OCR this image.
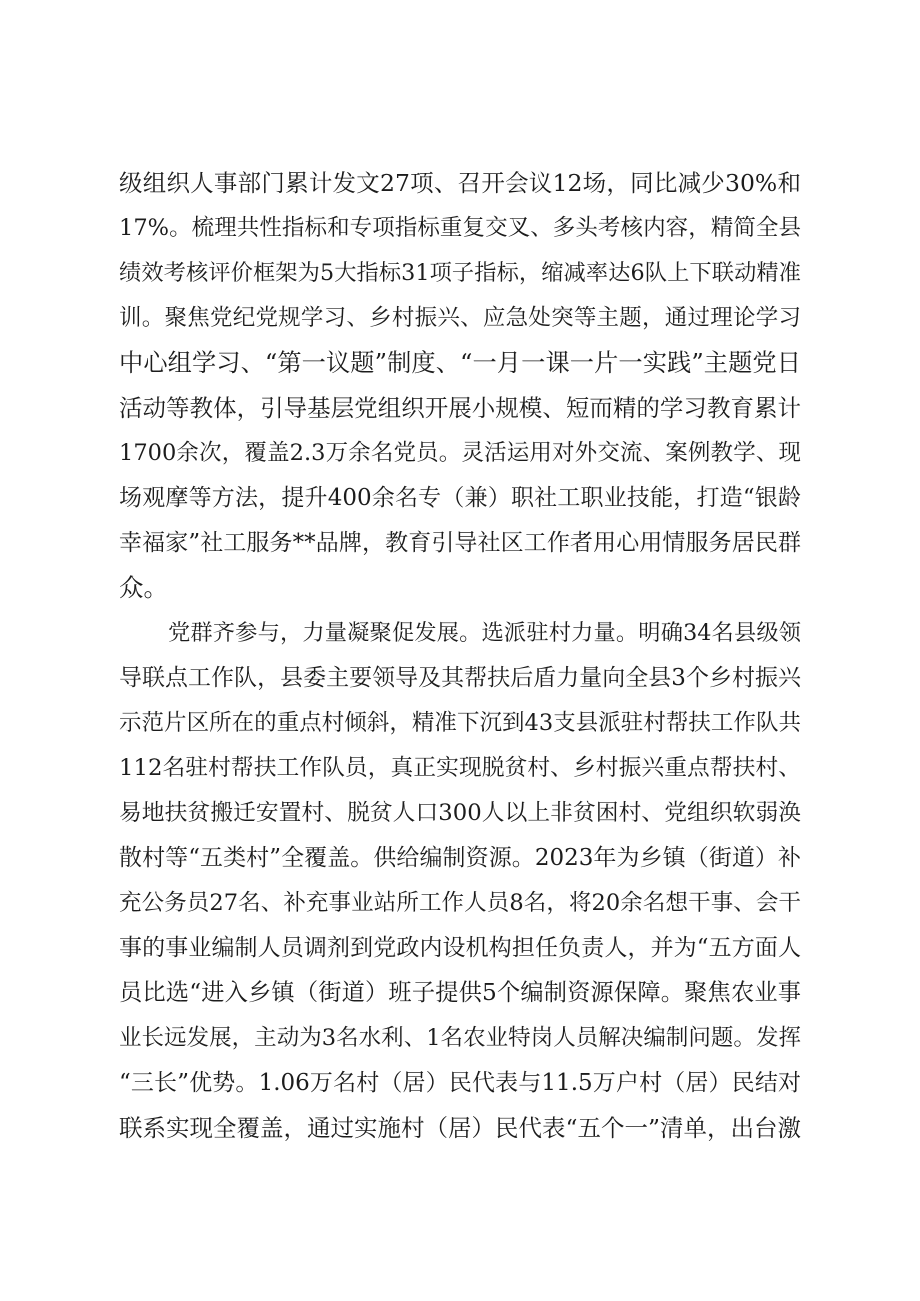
级组织人事部门累计发文27项、召开会议12场，同比减少30%和
17%。梳理共性指标和专项指标重复交叉、多头考核内容，精简全县
绩效考核评价框架为5大指标31项子指标，缩减率达6队上下联动精准
训。聚焦党纪党规学习、乡村振兴、应急处突等主题，通过理论学习
中心组学习、“第一议题”制度、“一月一课一片一实践”主题党日
活动等教体，引导基层党组织开展小规模、短而精的学习教育累计
1700余次，覆盖2.3万余名党员。灵活运用对外交流、案例教学、现
场观摩等方法，提升400余名专（兼）职社工职业技能，打造“银龄
幸福家”社工服务**品牌，教育引导社区工作者用心用情服务居民群
众。
党群齐参与，力量凝聚促发展。选派驻村力量。明确34名县级领
导联点工作队，县委主要领导及其帮扶后盾力量向全县3个乡村振兴
示范片区所在的重点村倾斜，精准下沉到43支县派驻村帮扶工作队共
112名驻村帮扶工作队员，真正实现脱贫村、乡村振兴重点帮扶村、
易地扶贫搬迁安置村、脱贫人口300人以上非贫困村、党组织软弱涣
散村等“五类村”全覆盖。供给编制资源。2023年为乡镇（街道）补
充公务员27名、补充事业站所工作人员8名，将20余名想干事、会干
事的事业编制人员调剂到党政内设机构担任负责人，并为“五方面人
员比选“进入乡镇（街道）班子提供5个编制资源保障。聚焦农业事
业长远发展，主动为3名水利、1名农业特岗人员解决编制问题。发挥
“三长”优势。1.06万名村（居）民代表与11.5万户村（居）民结对
联系实现全覆盖，通过实施村（居）民代表“五个一”清单，出台激
